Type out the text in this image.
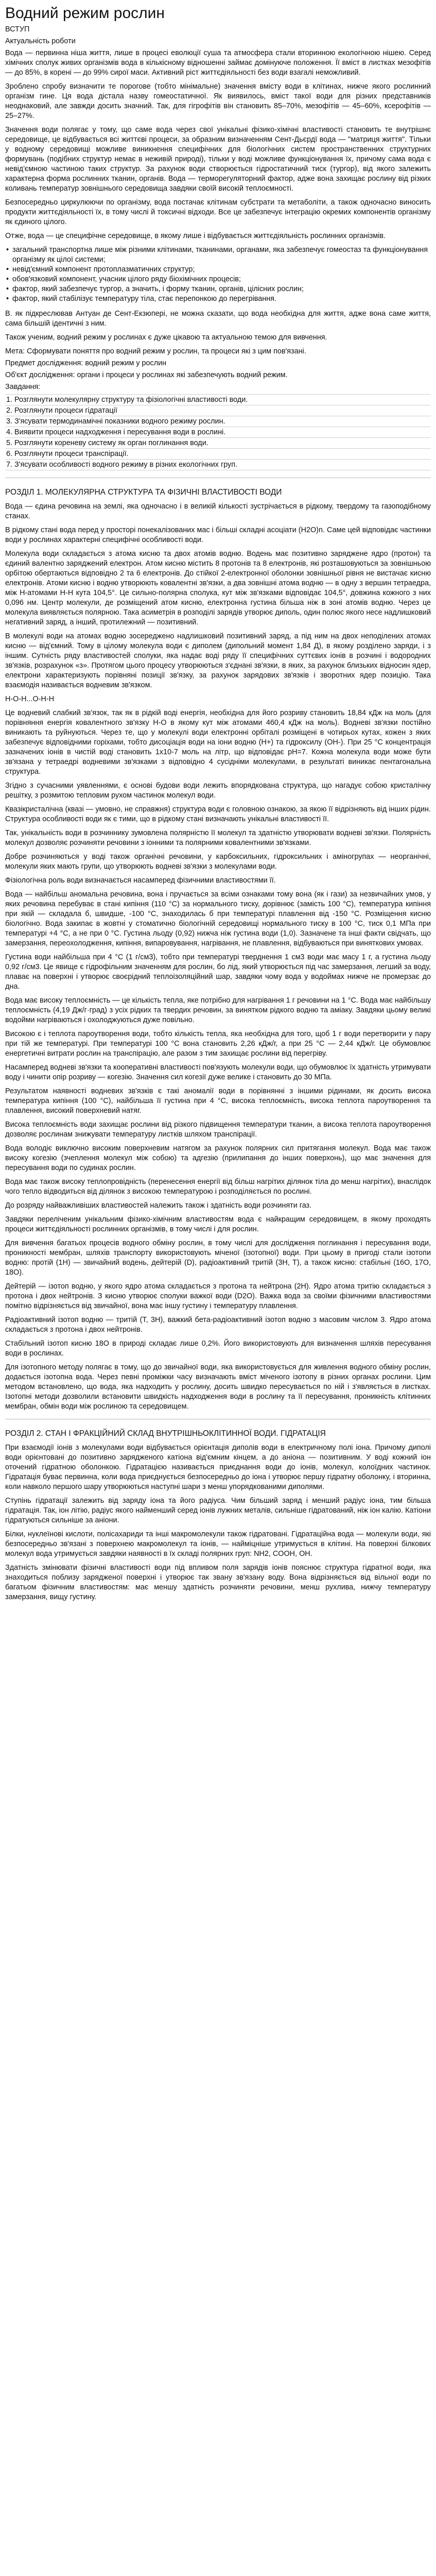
Водний режим рослин
ВСТУП
Актуальність роботи
Вода — первинна ніша життя, лише в процесі еволюції суша та атмосфера стали вторинною екологічною нішею. Серед хімічних сполук живих організмів вода в кількісному відношенні займає домінуюче положення. Її вміст в листках мезофітів — до 85%, в корені — до 99% сирої маси. Активний ріст життєдіяльності без води взагалі неможливий.
Зроблено спробу визначити те порогове (тобто мінімальне) значення вмісту води в клітинах, нижче якого рослинний організм гине. Ця вода дістала назву гомеостатичної. Як виявилось, вміст такої води для різних представників неоднаковий, але завжди досить значний. Так, для гігрофітів він становить 85–70%, мезофітів — 45–60%, ксерофітів — 25–27%.
Значення води полягає у тому, що саме вода через свої унікальні фізико-хімічні властивості становить те внутрішнє середовище, це відбувається всі життєві процеси, за образним визначенням Сент-Дьєрдї вода — "матриця життя". Тільки у водному середовищі можливе виникнення специфічних для біологічних систем пространственних структурних формувань (подібних структур немає в неживій природі), тільки у воді можливе функціонування їх, причому сама вода є невід'ємною частиною таких структур. За рахунок води створюється гідростатичний тиск (тургор), від якого залежить характерна форма рослинних тканин, органів. Вода — терморегуляторний фактор, адже вона захищає рослину від різких коливань температур зовнішнього середовища завдяки своїй високій теплоємності.
Безпосередньо циркулюючи по організму, вода постачає клітинам субстрати та метаболіти, а також одночасно виносить продукти життєдіяльності їх, в тому числі й токсичні відходи. Все це забезпечує інтеграцію окремих компонентів організму як єдиного цілого.
Отже, вода — це специфічне середовище, в якому лише і відбувається життєдіяльність рослинних організмів.
• загальний транспортна лише між різними клітинами, тканинами, органами, яка забезпечує гомеостаз та функціонування організму як цілої системи;
• невід'ємний компонент протоплазматичних структур;
• обов'язковий компонент, учасник цілого ряду біохімічних процесів;
• фактор, який забезпечує тургор, а значить, і форму тканин, органів, цілісних рослин;
• фактор, який стабілізує температуру тіла, стає перепонкою до перегрівання.
В. як підкреслював Антуан де Сент-Екзюпері, не можна сказати, що вода необхідна для життя, адже вона саме життя, сама більшій ідентичні з ним.
Також ученим, водний режим у рослинах є дуже цікавою та актуальною темою для вивчення.
Мета: Сформувати поняття про водний режим у рослин, та процеси які з цим пов'язані.
Предмет дослідження: водний режим у рослин
Об'єкт дослідження: органи і процеси у рослинах які забезпечують водний режим.
Завдання:
1. Розглянути молекулярну структуру та фізіологічні властивості води.
2. Розглянути процеси гідратації
3. З'ясувати термодинамічні показники водного режиму рослин.
4. Виявити процеси надходження і пересування води в рослині.
5. Розглянути кореневу систему як орган поглинання води.
6. Розглянути процеси транспірації.
7. З'ясувати особливості водного режиму в різних екологічних груп.
РОЗДІЛ 1. МОЛЕКУЛЯРНА СТРУКТУРА ТА ФІЗИЧНІ ВЛАСТИВОСТІ ВОДИ
Вода — єдина речовина на землі, яка одночасно і в великій кількості зустрічається в рідкому, твердому та газоподібному станах.
В рідкому стані вода перед у просторі понекалізованих мас і більші складні асоціати (H2O)n. Саме цей відповідає частинки води у рослинах характерні специфічні особливості води.
Молекула води складається з атома кисню та двох атомів водню. Водень має позитивно заряджене ядро (протон) та єдиний валентно заряджений електрон. Атом кисню містить 8 протонів та 8 електронів, які розташовуються за зовнішньою орбітою обертаються відповідно 2 та 6 електронів. До стійкої 2-електронної оболонки зовнішньої рівня не вистачає кисню електронів. Атоми кисню і водню утворюють ковалентні зв'язки, а два зовнішні атома водню — в одну з вершин тетраедра, між Н-атомами Н-Н кута 104,5°. Це сильно-полярна сполука, кут між зв'язками відповідає 104,5°, довжина кожного з них 0,096 нм. Центр молекули, де розміщений атом кисню, електронна густина більша ніж в зоні атомів водню. Через це молекула виявляється полярною. Така асиметрія в розподілі зарядів утворює диполь, один полюс якого несе надлишковий негативний заряд, а інший, протилежний — позитивний.
В молекулі води на атомах водню зосереджено надлишковий позитивний заряд, а під ним на двох неподілених атомах кисню — від'ємний. Тому в цілому молекула води є диполем (дипольний момент 1,84 Д), в якому розділено заряди, і з іншим. Сутність ряду властивостей сполуки, яка надає воді ряду її специфічних суттєвих іонів в розчині і водородних зв'язків, розрахунок «з». Протягом цього процесу утворюються з'єднані зв'язки, в яких, за рахунок близьких відносин ядер, електрони характеризують порівняні позиції зв'язку, за рахунок зарядових зв'язків і зворотних ядер позицію. Така взаємодія називається водневим зв'язком.
Н-О-Н...О-Н-Н
Це водневий слабкий зв'язок, так як в рідкій воді енергія, необхідна для його розриву становить 18,84 кДж на моль (для порівняння енергія ковалентного зв'язку Н-О в якому кут між атомами 460,4 кДж на моль). Водневі зв'язки постійно виникають та руйнуються. Через те, що у молекулі води електронні орбіталі розміщені в чотирьох кутах, кожен з яких забезпечує відповідними горіхами, тобто дисоціація води на іони водню (H+) та гідроксилу (OH-). При 25 °С концентрація зазначених іонів в чистій воді становить 1х10-7 моль на літр, що відповідає рН=7. Кожна молекула води може бути зв'язана у тетраедрі водневими зв'язками з відповідно 4 сусідніми молекулами, в результаті виникає пентагональна структура.
Згідно з сучасними уявленнями, є основі будови води лежить впорядкована структура, що нагадує собою кристалічну решітку, з розмитою тепловим рухом частинок молекул води.
Квазікристалічна (квазі — умовно, не справжня) структура води є головною ознакою, за якою її відрізняють від інших рідин. Структура особливості води як є тими, що в рідкому стані визначають унікальні властивості її.
Так, унікальність води в розчиннику зумовлена полярністю її молекул та здатністю утворювати водневі зв'язки. Полярність молекул дозволяє розчиняти речовини з іонними та полярними ковалентними зв'язками.
Добре розчиняються у воді також органічні речовини, у карбоксильних, гідроксильних і аміногрупах — неорганічні, молекули яких мають групи, що утворюють водневі зв'язки з молекулами води.
Фізіологічна роль води визначається насамперед фізичними властивостями її.
Вода — найбільш аномальна речовина, вона і пручається за всіми ознаками тому вона (як і гази) за незвичайних умов, у яких речовина перебуває в стані кипіння (110 °C) за нормального тиску, дорівнює (замість 100 °C), температура кипіння при якій — складала б, швидше, -100 °C, знаходилась б при температурі плавлення від -150 °C. Розміщення кисню біологічно. Вода закипає в жовтні у стоматично біологічній середовищі нормального тиску в 100 °C, тиск 0,1 МПа при температурі +4 °C, а не при 0 °C. Густина льоду (0,92) нижча ніж густина води (1,0). Зазначене та інші факти свідчать, що замерзання, переохолодження, кипіння, випаровування, нагрівання, не плавлення, відбуваються при виняткових умовах.
Густина води найбільша при 4 °С (1 г/см3), тобто при температурі тверднення 1 см3 води має масу 1 г, а густина льоду 0,92 г/см3. Це явище є гідрофільним значенням для рослин, бо лід, який утворюється під час замерзання, легший за воду, плаває на поверхні і утворює своєрідний теплоізоляційний шар, завдяки чому вода у водоймах нижче не промерзає до дна.
Вода має високу теплоємність — це кількість тепла, яке потрібно для нагрівання 1 г речовини на 1 °С. Вода має найбільшу теплоємність (4,19 Дж/г·град) з усіх рідких та твердих речовин, за винятком рідкого водню та аміаку. Завдяки цьому великі водойми нагріваються і охолоджуються дуже повільно.
Високою є і теплота пароутворення води, тобто кількість тепла, яка необхідна для того, щоб 1 г води перетворити у пару при тій же температурі. При температурі 100 °С вона становить 2,26 кДж/г, а при 25 °С — 2,44 кДж/г. Це обумовлює енергетичні витрати рослин на транспірацію, але разом з тим захищає рослини від перегріву.
Насамперед водневі зв'язки та кооперативні властивості пов'язують молекули води, що обумовлює їх здатність утримувати воду і чинити опір розриву — когезію. Значення сил когезії дуже велике і становить до 30 МПа.
Результатом наявності водневих зв'язків є такі аномалії води в порівнянні з іншими рідинами, як досить висока температура кипіння (100 °С), найбільша її густина при 4 °С, висока теплоємність, висока теплота пароутворення та плавлення, високий поверхневий натяг.
Висока теплоємність води захищає рослини від різкого підвищення температури тканин, а висока теплота пароутворення дозволяє рослинам знижувати температуру листків шляхом транспірації.
Вода володіє виключно високим поверхневим натягом за рахунок полярних сил притягання молекул. Вода має також високу когезію (зчеплення молекул між собою) та адгезію (прилипання до інших поверхонь), що має значення для пересування води по судинах рослин.
Вода має також високу теплопровідність (перенесення енергії від більш нагрітих ділянок тіла до менш нагрітих), внаслідок чого тепло відводиться від ділянок з високою температурою і розподіляється по рослині.
До розряду найважливіших властивостей належить також і здатність води розчиняти газ.
Завдяки переліченим унікальним фізико-хімічним властивостям вода є найкращим середовищем, в якому проходять процеси життєдіяльності рослинних організмів, в тому числі і для рослин.
Для вивчення багатьох процесів водного обміну рослин, в тому числі для дослідження поглинання і пересування води, проникності мембран, шляхів транспорту використовують міченої (ізотопної) води. При цьому в пригоді стали ізотопи водню: протій (1H) — звичайний водень, дейтерій (D), радіоактивний тритій (3H, T), а також кисню: стабільні (16O, 17O, 18O).
Дейтерій — ізотоп водню, у якого ядро атома складається з протона та нейтрона (2H). Ядро атома тритію складається з протона і двох нейтронів. З кисню утворює сполуки важкої води (D2O). Важка вода за своїми фізичними властивостями помітно відрізняється від звичайної, вона має іншу густину і температуру плавлення.
Радіоактивний ізотоп водню — тритій (T, 3H), важкий бета-радіоактивний ізотоп водню з масовим числом 3. Ядро атома складається з протона і двох нейтронів.
Стабільний ізотоп кисню 18O в природі складає лише 0,2%. Його використовують для визначення шляхів пересування води в рослинах.
Для ізотопного методу полягає в тому, що до звичайної води, яка використовується для живлення водного обміну рослин, додається ізотопна вода. Через певні проміжки часу визначають вміст міченого ізотопу в різних органах рослини. Цим методом встановлено, що вода, яка надходить у рослину, досить швидко пересувається по ній і з'являється в листках. Ізотопні методи дозволили встановити швидкість надходження води в рослину та її пересування, проникність клітинних мембран, обмін води між рослиною та середовищем.
РОЗДІЛ 2. СТАН І ФРАКЦІЙНИЙ СКЛАД ВНУТРІШНЬОКЛІТИННОЇ ВОДИ. ГІДРАТАЦІЯ
При взаємодії іонів з молекулами води відбувається орієнтація диполів води в електричному полі іона. Причому диполі води орієнтовані до позитивно зарядженого катіона від'ємним кінцем, а до аніона — позитивним. У воді кожний іон оточений гідратною оболонкою. Гідратацією називається приєднання води до іонів, молекул, колоїдних частинок. Гідратація буває первинна, коли вода приєднується безпосередньо до іона і утворює першу гідратну оболонку, і вторинна, коли навколо першого шару утворюються наступні шари з менш упорядкованими диполями.
Ступінь гідратації залежить від заряду іона та його радіуса. Чим більший заряд і менший радіус іона, тим більша гідратація. Так, іон літію, радіус якого найменший серед іонів лужних металів, сильніше гідратований, ніж іон калію. Катіони гідратуються сильніше за аніони.
Білки, нуклеїнові кислоти, полісахариди та інші макромолекули також гідратовані. Гідратаційна вода — молекули води, які безпосередньо зв'язані з поверхнею макромолекул та іонів, — найміцніше утримується в клітині. На поверхні білкових молекул вода утримується завдяки наявності в їх складі полярних груп: NH2, COOH, OH.
Здатність змінювати фізичні властивості води під впливом поля зарядів іонів пояснює структура гідратної води, яка знаходиться поблизу зарядженої поверхні і утворює так звану зв'язану воду. Вона відрізняється від вільної води по багатьом фізичним властивостям: має меншу здатність розчиняти речовини, менш рухлива, нижчу температуру замерзання, вищу густину.
